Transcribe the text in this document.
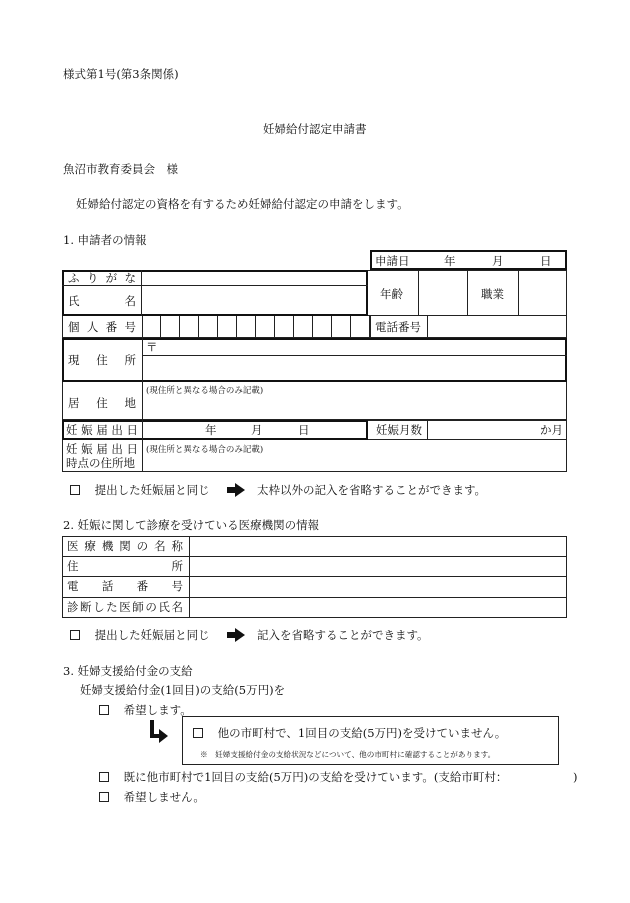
様式第1号(第3条関係)
妊婦給付認定申請書
魚沼市教育委員会　様
妊婦給付認定の資格を有するため妊婦給付認定の申請をします。
1. 申請者の情報
申請日	年	月	日
ふりがな
氏名	年齢	職業
個人番号	電話番号
現住所
〒
居住地
(現住所と異なる場合のみ記載)
妊娠届出日	年	月	日	妊娠月数	か月
妊娠届出日
時点の住所地
(現住所と異なる場合のみ記載)
提出した妊娠届と同じ	太枠以外の記入を省略することができます。
2. 妊娠に関して診療を受けている医療機関の情報
医療機関の名称
住所
電話番号
診断した医師の氏名
提出した妊娠届と同じ	記入を省略することができます。
3. 妊婦支援給付金の支給
妊婦支援給付金(1回目)の支給(5万円)を
希望します。
他の市町村で、1回目の支給(5万円)を受けていません。
※　妊婦支援給付金の支給状況などについて、他の市町村に確認することがあります。
既に他市町村で1回目の支給(5万円)の支給を受けています。(支給市町村：	)
希望しません。
